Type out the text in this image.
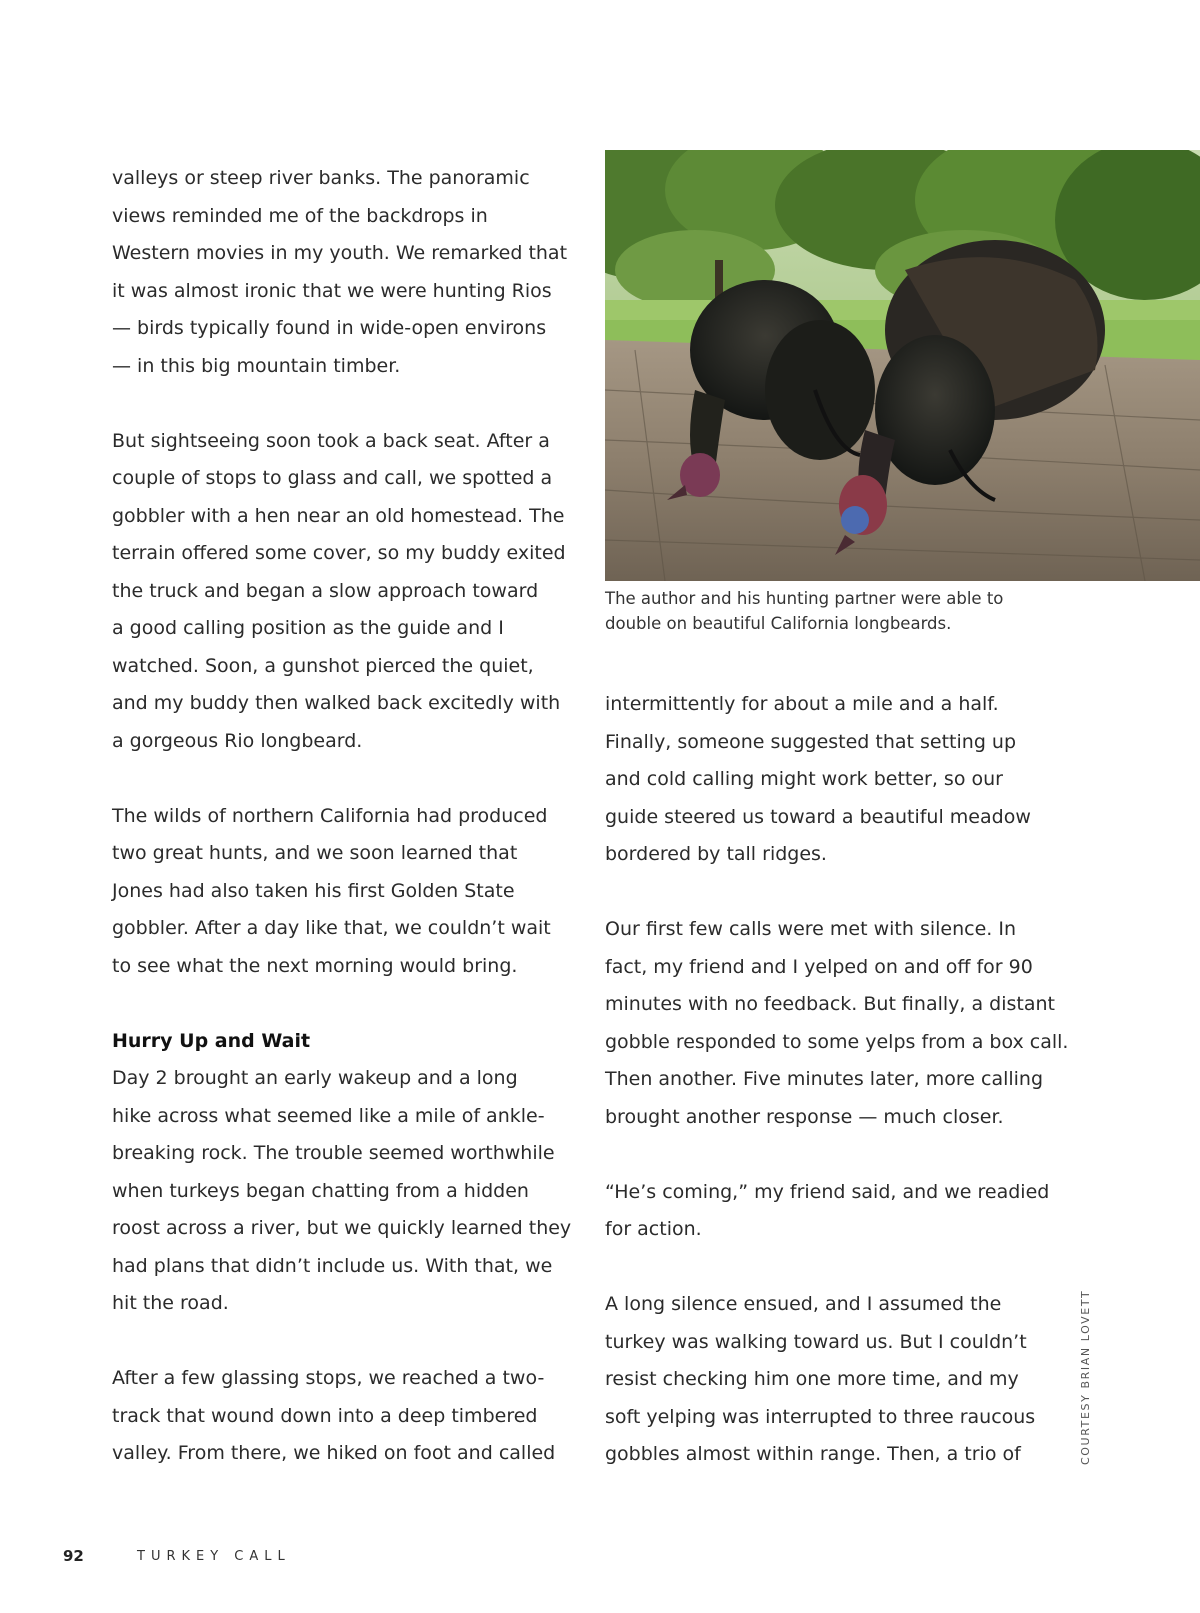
valleys or steep river banks. The panoramic
views reminded me of the backdrops in
Western movies in my youth. We remarked that
it was almost ironic that we were hunting Rios
— birds typically found in wide-open environs
— in this big mountain timber.
But sightseeing soon took a back seat. After a
couple of stops to glass and call, we spotted a
gobbler with a hen near an old homestead. The
terrain offered some cover, so my buddy exited
the truck and began a slow approach toward
a good calling position as the guide and I
watched. Soon, a gunshot pierced the quiet,
and my buddy then walked back excitedly with
a gorgeous Rio longbeard.
The wilds of northern California had produced
two great hunts, and we soon learned that
Jones had also taken his first Golden State
gobbler. After a day like that, we couldn’t wait
to see what the next morning would bring.
Hurry Up and Wait
Day 2 brought an early wakeup and a long
hike across what seemed like a mile of ankle-
breaking rock. The trouble seemed worthwhile
when turkeys began chatting from a hidden
roost across a river, but we quickly learned they
had plans that didn’t include us. With that, we
hit the road.
After a few glassing stops, we reached a two-
track that wound down into a deep timbered
valley. From there, we hiked on foot and called
The author and his hunting partner were able to
double on beautiful California longbeards.
intermittently for about a mile and a half.
Finally, someone suggested that setting up
and cold calling might work better, so our
guide steered us toward a beautiful meadow
bordered by tall ridges.
Our first few calls were met with silence. In
fact, my friend and I yelped on and off for 90
minutes with no feedback. But finally, a distant
gobble responded to some yelps from a box call.
Then another. Five minutes later, more calling
brought another response — much closer.
“He’s coming,” my friend said, and we readied
for action.
A long silence ensued, and I assumed the
turkey was walking toward us. But I couldn’t
resist checking him one more time, and my
soft yelping was interrupted to three raucous
gobbles almost within range. Then, a trio of	COURTESY BRIAN LOVETT
92	TURKEY CALL
